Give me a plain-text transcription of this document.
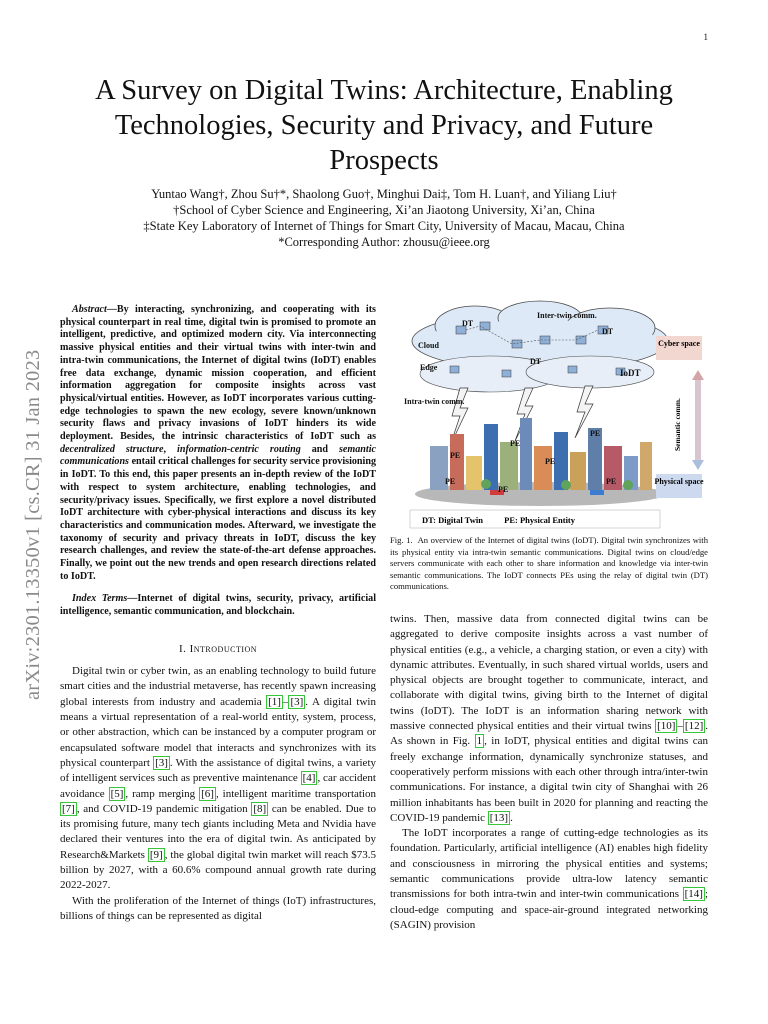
1
arXiv:2301.13350v1 [cs.CR] 31 Jan 2023
A Survey on Digital Twins: Architecture, Enabling
Technologies, Security and Privacy, and Future
Prospects
Yuntao Wang†, Zhou Su†*, Shaolong Guo†, Minghui Dai‡, Tom H. Luan†, and Yiliang Liu†
†School of Cyber Science and Engineering, Xi’an Jiaotong University, Xi’an, China
‡State Key Laboratory of Internet of Things for Smart City, University of Macau, Macau, China
*Corresponding Author: zhousu@ieee.org

Abstract—By interacting, synchronizing, and cooperating with its physical counterpart in real time, digital twin is promised to promote an intelligent, predictive, and optimized modern city. Via interconnecting massive physical entities and their virtual twins with inter-twin and intra-twin communications, the Internet of digital twins (IoDT) enables free data exchange, dynamic mission cooperation, and efficient information aggregation for composite insights across vast physical/virtual entities. However, as IoDT incorporates various cutting-edge technologies to spawn the new ecology, severe known/unknown security flaws and privacy invasions of IoDT hinders its wide deployment. Besides, the intrinsic characteristics of IoDT such as decentralized structure, information-centric routing and semantic communications entail critical challenges for security service provisioning in IoDT. To this end, this paper presents an in-depth review of the IoDT with respect to system architecture, enabling technologies, and security/privacy issues. Specifically, we first explore a novel distributed IoDT architecture with cyber-physical interactions and discuss its key characteristics and communication modes. Afterward, we investigate the taxonomy of security and privacy threats in IoDT, discuss the key research challenges, and review the state-of-the-art defense approaches. Finally, we point out the new trends and open research directions related to IoDT.

Index Terms—Internet of digital twins, security, privacy, artificial intelligence, semantic communication, and blockchain.

I. Introduction

Digital twin or cyber twin, as an enabling technology to build future smart cities and the industrial metaverse, has recently spawn increasing global interests from industry and academia [1] – [3] . A digital twin means a virtual representation of a real-world entity, system, process, or other abstraction, which can be instanced by a computer program or encapsulated software model that interacts and synchronizes with its physical counterpart [3] . With the assistance of digital twins, a variety of intelligent services such as preventive maintenance [4] , car accident avoidance [5] , ramp merging [6] , intelligent maritime transportation [7] , and COVID-19 pandemic mitigation [8] can be enabled. Due to its promising future, many tech giants including Meta and Nvidia have declared their ventures into the era of digital twin. As anticipated by Research&Markets [9] , the global digital twin market will reach $73.5 billion by 2027, with a 60.6% compound annual growth rate during 2022-2027.

With the proliferation of the Internet of things (IoT) infrastructures, billions of things can be represented as digital

Inter-twin comm.
Cloud
Edge
IoDT
Intra-twin comm.
DT
DT
DT
PE
PE
PE
PE
PE
PE
PE
Cyber space
Physical space
Semantic comm.
DT: Digital Twin          PE: Physical Entity
Fig. 1. An overview of the Internet of digital twins (IoDT). Digital twin synchronizes with its physical entity via intra-twin semantic communications. Digital twins on cloud/edge servers communicate with each other to share information and knowledge via inter-twin semantic communications. The IoDT connects PEs using the relay of digital twin (DT) communications.

twins. Then, massive data from connected digital twins can be aggregated to derive composite insights across a vast number of physical entities (e.g., a vehicle, a charging station, or even a city) with dynamic attributes. Eventually, in such shared virtual worlds, users and physical objects are brought together to communicate, interact, and collaborate with digital twins, giving birth to the Internet of digital twins (IoDT). The IoDT is an information sharing network with massive connected physical entities and their virtual twins [10] – [12] . As shown in Fig. 1 , in IoDT, physical entities and digital twins can freely exchange information, dynamically synchronize statuses, and cooperatively perform missions with each other through intra/inter-twin communications. For instance, a digital twin city of Shanghai with 26 million inhabitants has been built in 2020 for planning and reacting the COVID-19 pandemic [13] .

The IoDT incorporates a range of cutting-edge technologies as its foundation. Particularly, artificial intelligence (AI) enables high fidelity and consciousness in mirroring the physical entities and systems; semantic communications provide ultra-low latency semantic transmissions for both intra-twin and inter-twin communications [14] ; cloud-edge computing and space-air-ground integrated networking (SAGIN) provision
